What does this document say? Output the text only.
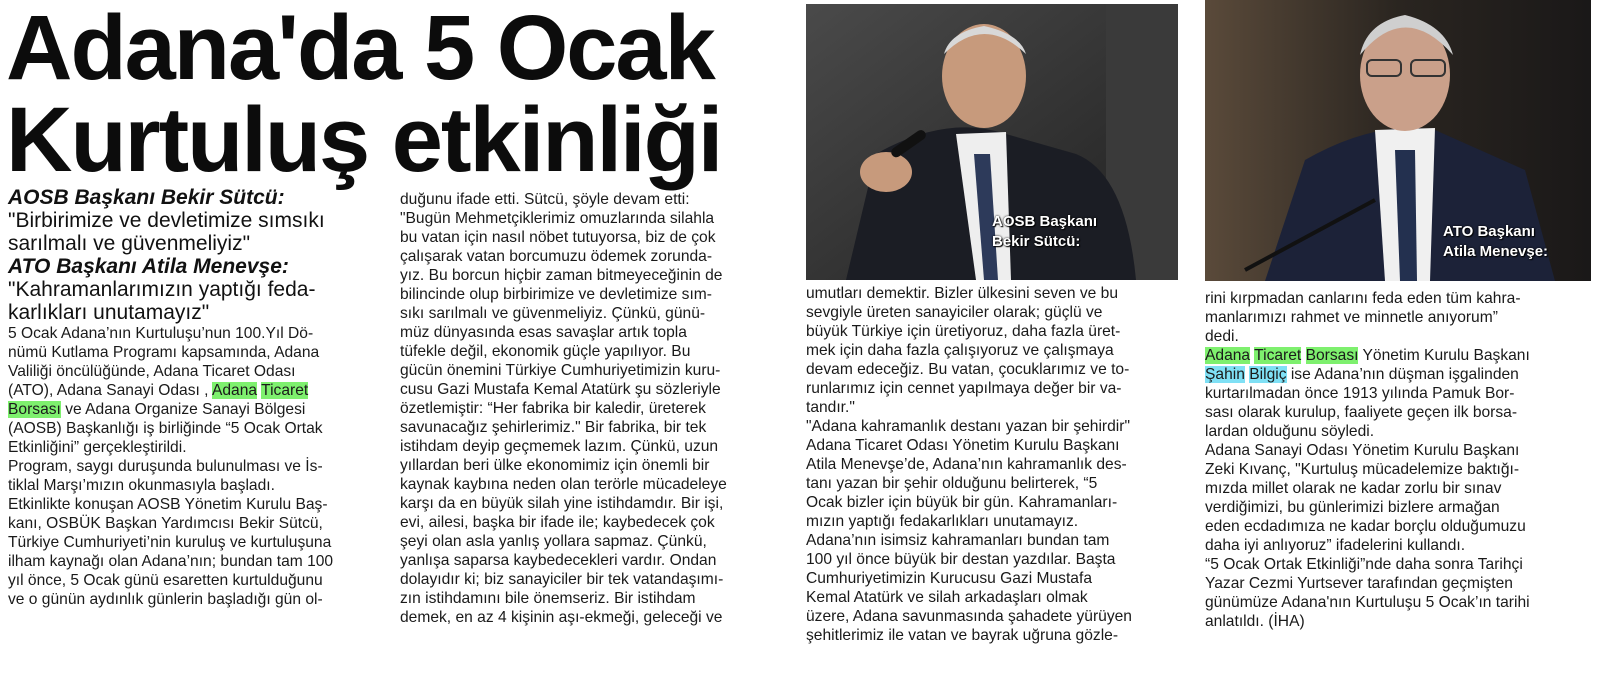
Adana'da 5 Ocak
Kurtuluş etkinliği

AOSB Başkanı Bekir Sütcü:

"Birbirimize ve devletimize sımsıkı

sarılmalı ve güvenmeliyiz"

ATO Başkanı Atila Menevşe:

"Kahramanlarımızın yaptığı feda-

karlıkları unutamayız"

5 Ocak Adana’nın Kurtuluşu’nun 100.Yıl Dö-

nümü Kutlama Programı kapsamında, Adana

Valiliği öncülüğünde, Adana Ticaret Odası

(ATO), Adana Sanayi Odası , Adana Ticaret

Borsası ve Adana Organize Sanayi Bölgesi

(AOSB) Başkanlığı iş birliğinde “5 Ocak Ortak

Etkinliğini” gerçekleştirildi.

Program, saygı duruşunda bulunulması ve İs-

tiklal Marşı’mızın okunmasıyla başladı.

Etkinlikte konuşan AOSB Yönetim Kurulu Baş-

kanı, OSBÜK Başkan Yardımcısı Bekir Sütcü,

Türkiye Cumhuriyeti’nin kuruluş ve kurtuluşuna

ilham kaynağı olan Adana’nın; bundan tam 100

yıl önce, 5 Ocak günü esaretten kurtulduğunu

ve o günün aydınlık günlerin başladığı gün ol-

duğunu ifade etti. Sütcü, şöyle devam etti:

"Bugün Mehmetçiklerimiz omuzlarında silahla

bu vatan için nasıl nöbet tutuyorsa, biz de çok

çalışarak vatan borcumuzu ödemek zorunda-

yız. Bu borcun hiçbir zaman bitmeyeceğinin de

bilincinde olup birbirimize ve devletimize sım-

sıkı sarılmalı ve güvenmeliyiz. Çünkü, günü-

müz dünyasında esas savaşlar artık topla

tüfekle değil, ekonomik güçle yapılıyor. Bu

gücün önemini Türkiye Cumhuriyetimizin kuru-

cusu Gazi Mustafa Kemal Atatürk şu sözleriyle

özetlemiştir: “Her fabrika bir kaledir, üreterek

savunacağız şehirlerimiz." Bir fabrika, bir tek

istihdam deyip geçmemek lazım. Çünkü, uzun

yıllardan beri ülke ekonomimiz için önemli bir

kaynak kaybına neden olan terörle mücadeleye

karşı da en büyük silah yine istihdamdır. Bir işi,

evi, ailesi, başka bir ifade ile; kaybedecek çok

şeyi olan asla yanlış yollara sapmaz. Çünkü,

yanlışa saparsa kaybedecekleri vardır. Ondan

dolayıdır ki; biz sanayiciler bir tek vatandaşımı-

zın istihdamını bile önemseriz. Bir istihdam

demek, en az 4 kişinin aşı-ekmeği, geleceği ve

AOSB Başkanı
Bekir Sütcü:

umutları demektir. Bizler ülkesini seven ve bu

sevgiyle üreten sanayiciler olarak; güçlü ve

büyük Türkiye için üretiyoruz, daha fazla üret-

mek için daha fazla çalışıyoruz ve çalışmaya

devam edeceğiz. Bu vatan, çocuklarımız ve to-

runlarımız için cennet yapılmaya değer bir va-

tandır."

"Adana kahramanlık destanı yazan bir şehirdir"

Adana Ticaret Odası Yönetim Kurulu Başkanı

Atila Menevşe’de, Adana’nın kahramanlık des-

tanı yazan bir şehir olduğunu belirterek, “5

Ocak bizler için büyük bir gün. Kahramanları-

mızın yaptığı fedakarlıkları unutamayız.

Adana’nın isimsiz kahramanları bundan tam

100 yıl önce büyük bir destan yazdılar. Başta

Cumhuriyetimizin Kurucusu Gazi Mustafa

Kemal Atatürk ve silah arkadaşları olmak

üzere, Adana savunmasında şahadete yürüyen

şehitlerimiz ile vatan ve bayrak uğruna gözle-

ATO Başkanı
Atila Menevşe:

rini kırpmadan canlarını feda eden tüm kahra-

manlarımızı rahmet ve minnetle anıyorum”

dedi.

Adana Ticaret Borsası Yönetim Kurulu Başkanı

Şahin Bilgiç ise Adana’nın düşman işgalinden

kurtarılmadan önce 1913 yılında Pamuk Bor-

sası olarak kurulup, faaliyete geçen ilk borsa-

lardan olduğunu söyledi.

Adana Sanayi Odası Yönetim Kurulu Başkanı

Zeki Kıvanç, "Kurtuluş mücadelemize baktığı-

mızda millet olarak ne kadar zorlu bir sınav

verdiğimizi, bu günlerimizi bizlere armağan

eden ecdadımıza ne kadar borçlu olduğumuzu

daha iyi anlıyoruz” ifadelerini kullandı.

“5 Ocak Ortak Etkinliği”nde daha sonra Tarihçi

Yazar Cezmi Yurtsever tarafından geçmişten

günümüze Adana'nın Kurtuluşu 5 Ocak’ın tarihi

anlatıldı. (İHA)
